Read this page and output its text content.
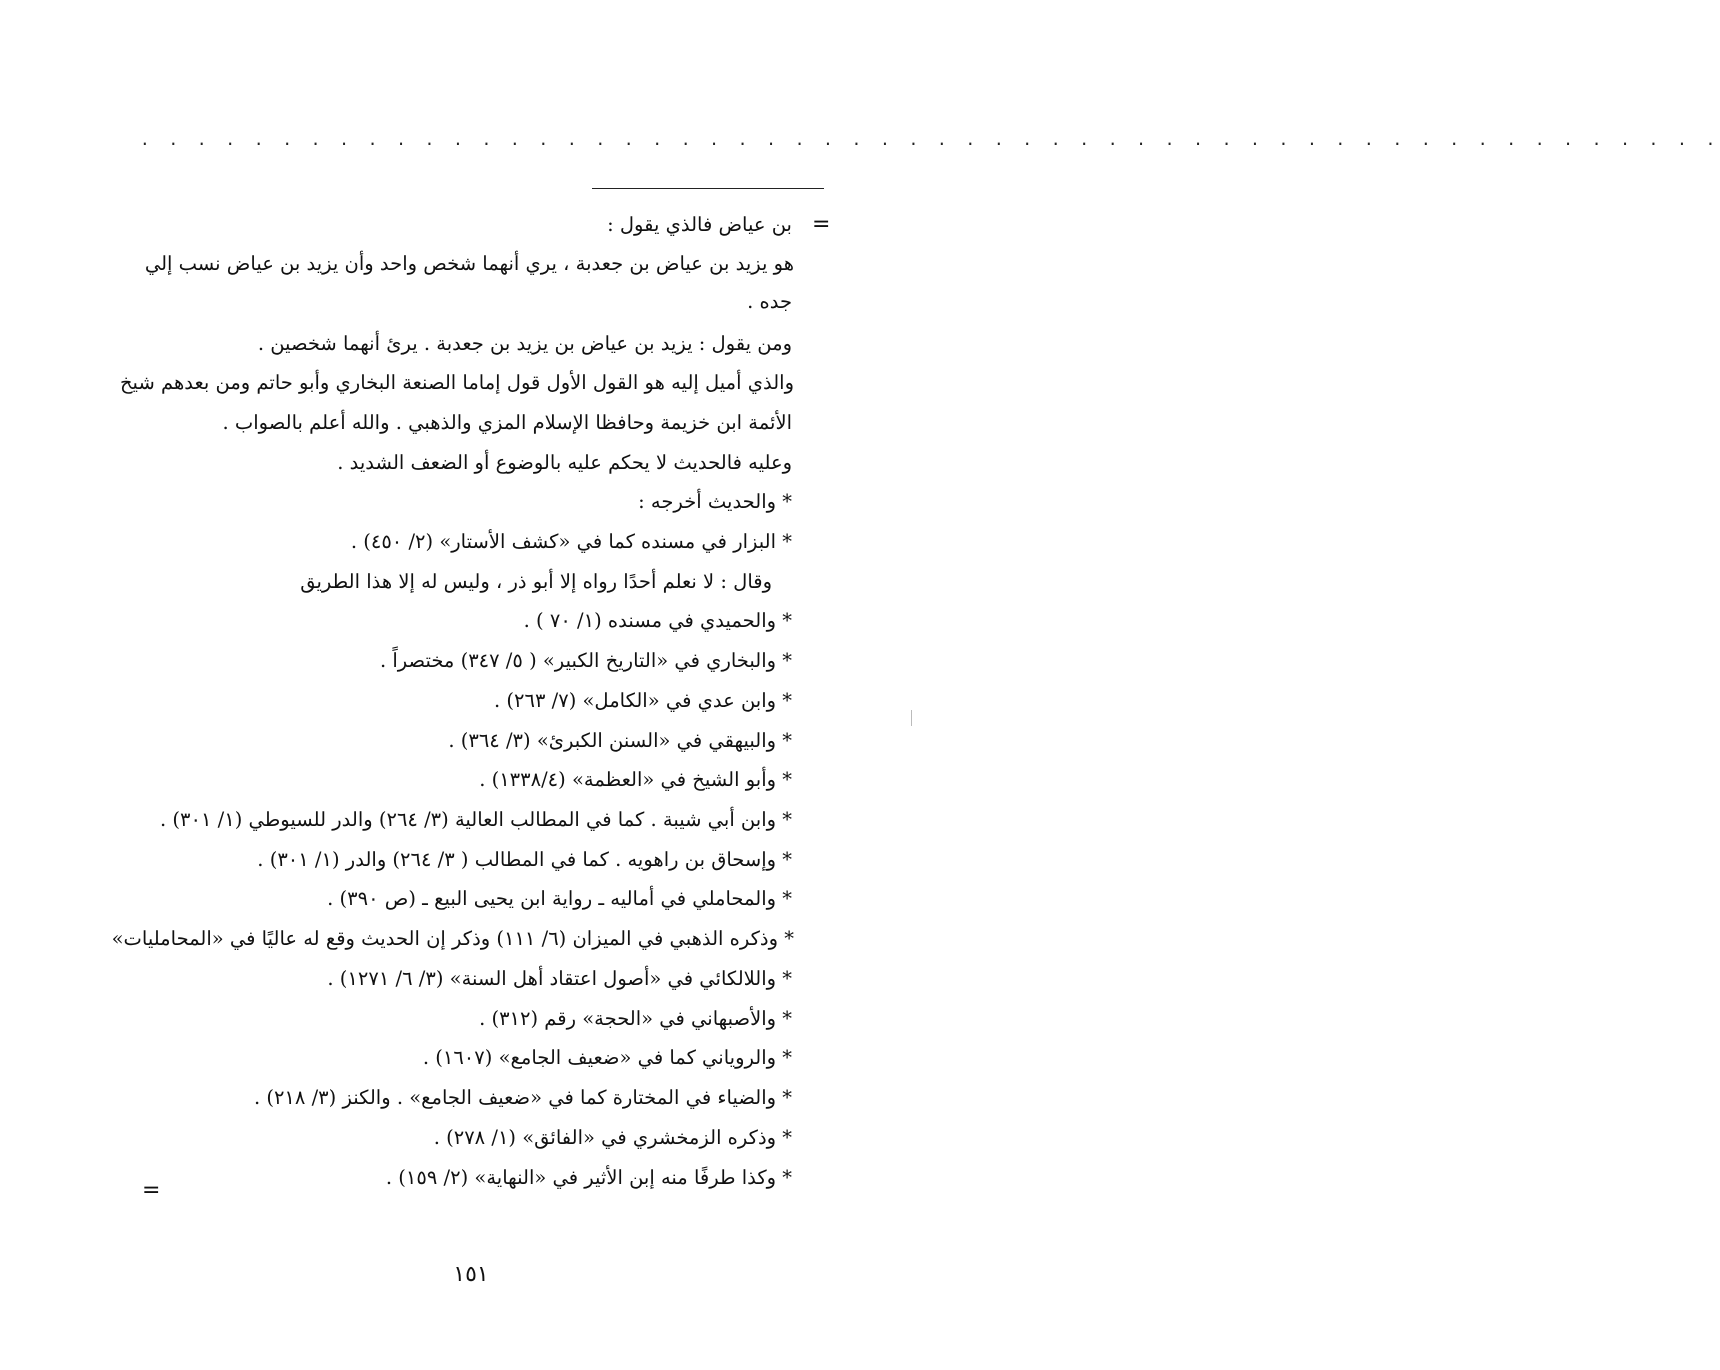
. . . . . . . . . . . . . . . . . . . . . . . . . . . . . . . . . . . . . . . . . . . . . . . . . . . . . . . .
=
بن عياض فالذي يقول :
هو يزيد بن عياض بن جعدبة ، يري أنهما شخص واحد وأن يزيد بن عياض نسب إلي
جده .
ومن يقول : يزيد بن عياض بن يزيد بن جعدبة . يرئ أنهما شخصين .
والذي أميل إليه هو القول الأول قول إماما الصنعة البخاري وأبو حاتم ومن بعدهم شيخ
الأئمة ابن خزيمة وحافظا الإسلام المزي والذهبي . والله أعلم بالصواب .
وعليه فالحديث لا يحكم عليه بالوضوع أو الضعف الشديد .
* والحديث أخرجه :
* البزار في مسنده كما في «كشف الأستار» (٢/ ٤٥٠) .
وقال : لا نعلم أحدًا رواه إلا أبو ذر ، وليس له إلا هذا الطريق
* والحميدي في مسنده (١/ ٧٠ ) .
* والبخاري في «التاريخ الكبير» ( ٥/ ٣٤٧) مختصراً .
* وابن عدي في «الكامل» (٧/ ٢٦٣) .
* والبيهقي في «السنن الكبرئ» (٣/ ٣٦٤) .
* وأبو الشيخ في «العظمة» (١٣٣٨/٤) .
* وابن أبي شيبة . كما في المطالب العالية (٣/ ٢٦٤) والدر للسيوطي (١/ ٣٠١) .
* وإسحاق بن راهويه . كما في المطالب ( ٣/ ٢٦٤) والدر (١/ ٣٠١) .
* والمحاملي في أماليه ـ رواية ابن يحيى البيع ـ (ص ٣٩٠) .
* وذكره الذهبي في الميزان (٦/ ١١١) وذكر إن الحديث وقع له عاليًا في «المحامليات»
* واللالكائي في «أصول اعتقاد أهل السنة» (٣/ ٦/ ١٢٧١) .
* والأصبهاني في «الحجة» رقم (٣١٢) .
* والروياني كما في «ضعيف الجامع» (١٦٠٧) .
* والضياء في المختارة كما في «ضعيف الجامع» . والكنز (٣/ ٢١٨) .
* وذكره الزمخشري في «الفائق» (١/ ٢٧٨) .
* وكذا طرفًا منه إبن الأثير في «النهاية» (٢/ ١٥٩) .
=
١٥١
